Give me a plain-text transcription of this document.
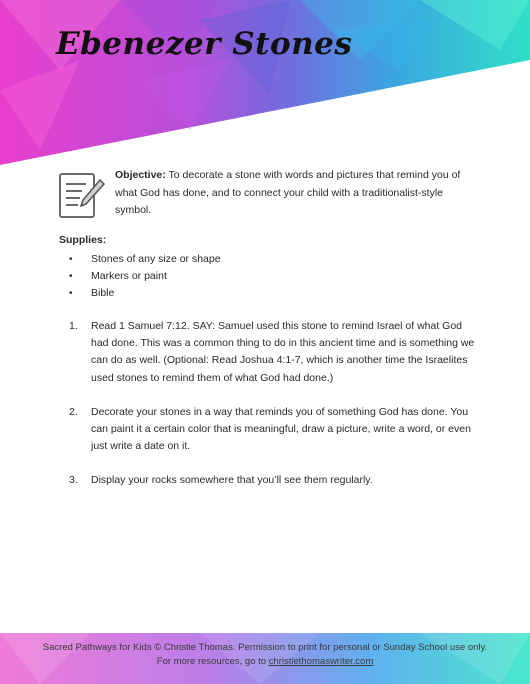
Ebenezer Stones

Objective: To decorate a stone with words and pictures that remind you of what God has done, and to connect your child with a traditionalist-style symbol.

Supplies:

• Stones of any size or shape
• Markers or paint
• Bible
1. Read 1 Samuel 7:12. SAY: Samuel used this stone to remind Israel of what God had done. This was a common thing to do in this ancient time and is something we can do as well. (Optional: Read Joshua 4:1-7, which is another time the Israelites used stones to remind them of what God had done.)
2. Decorate your stones in a way that reminds you of something God has done. You can paint it a certain color that is meaningful, draw a picture, write a word, or even just write a date on it.
3. Display your rocks somewhere that you’ll see them regularly.
Sacred Pathways for Kids © Christie Thomas. Permission to print for personal or Sunday School use only.
For more resources, go to christiethomaswriter.com
